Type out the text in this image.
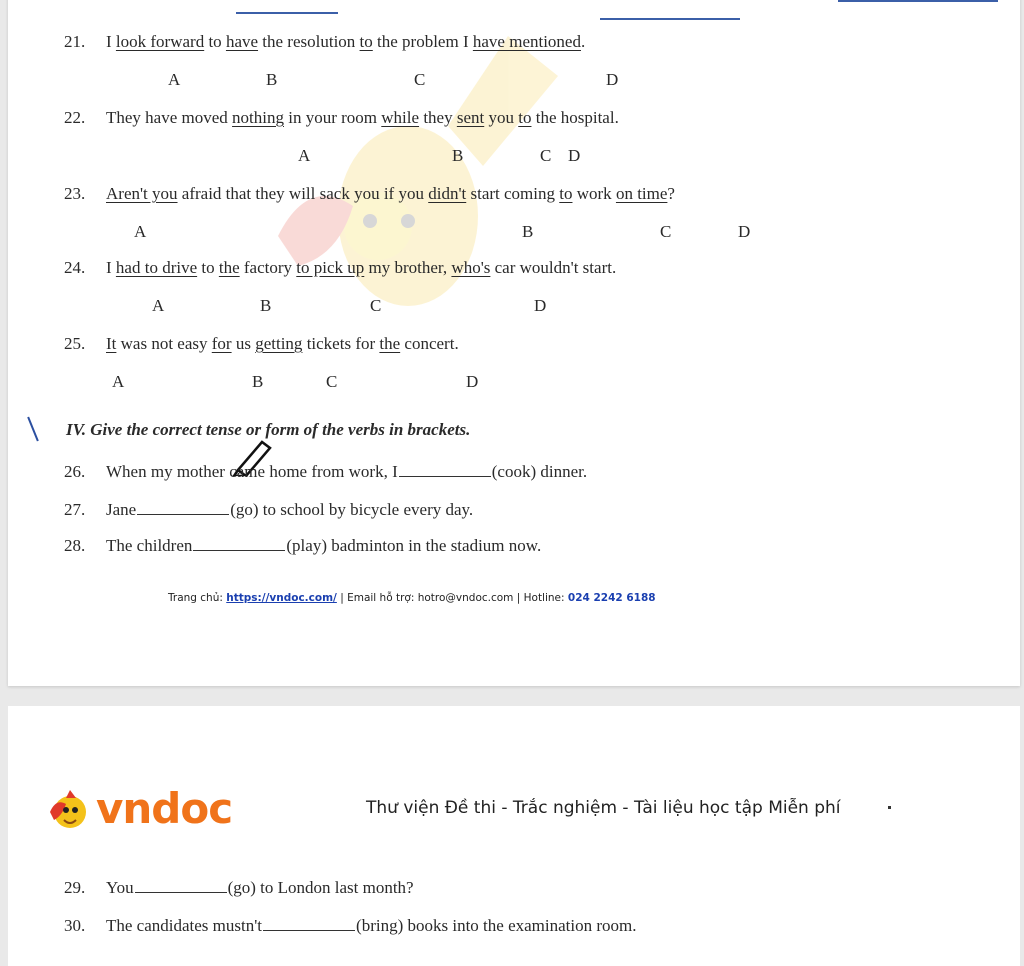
21. I look forward to have the resolution to the problem I have mentioned.
A	B	C	D
22. They have moved nothing in your room while they sent you to the hospital.
A	B	C D
23. Aren't you afraid that they will sack you if you didn't start coming to work on time?
A	B	C	D
24. I had to drive to the factory to pick up my brother, who's car wouldn't start.
A	B	C	D
25. It was not easy for us getting tickets for the concert.
A	B	C	D
IV. Give the correct tense or form of the verbs in brackets.
26. When my mother came home from work, I	(cook) dinner.
27. Jane	(go) to school by bicycle every day.
28. The children	(play) badminton in the stadium now.
Trang chủ: https://vndoc.com/ | Email hỗ trợ: hotro@vndoc.com | Hotline: 024 2242 6188
vndoc	Thư viện Đề thi - Trắc nghiệm - Tài liệu học tập Miễn phí
29. You	(go) to London last month?
30. The candidates mustn't	(bring) books into the examination room.
